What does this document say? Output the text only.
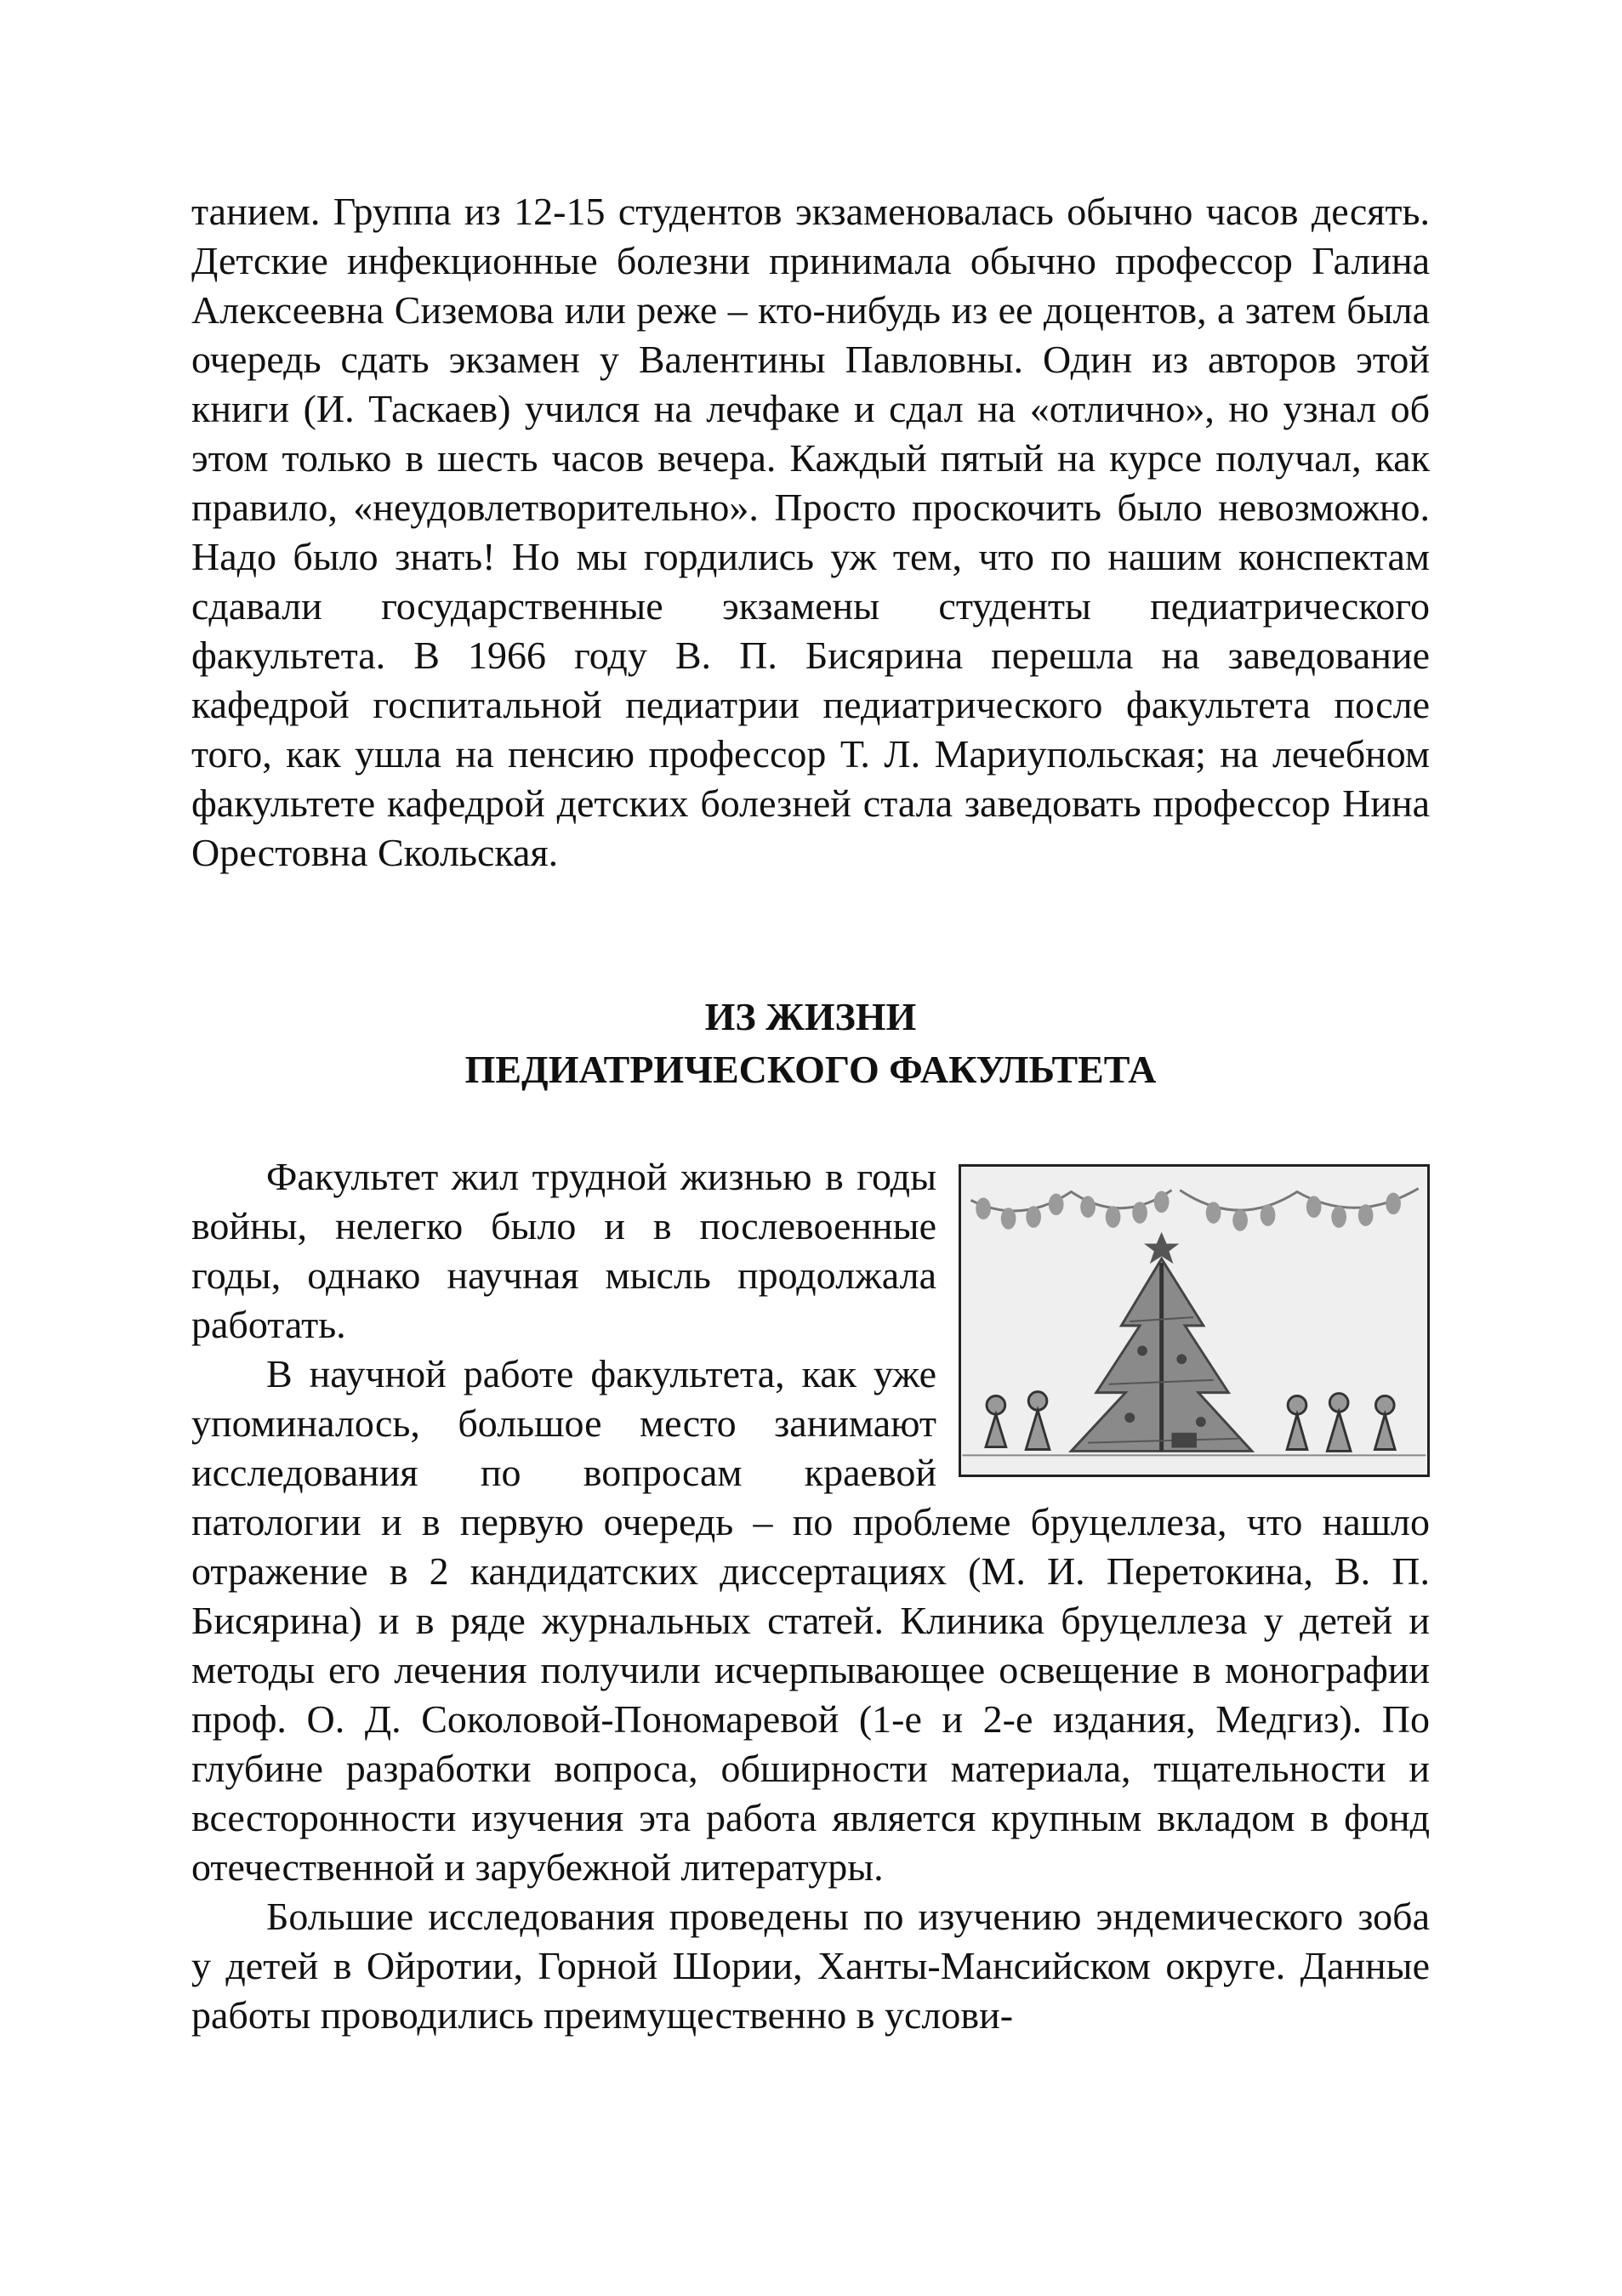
танием. Группа из 12-15 студентов экзаменовалась обычно часов десять. Детские инфекционные болезни принимала обычно профессор Галина Алексеевна Сиземова или реже – кто-нибудь из ее доцентов, а затем была очередь сдать экзамен у Валентины Павловны. Один из авторов этой книги (И. Таскаев) учился на лечфаке и сдал на «отлично», но узнал об этом только в шесть часов вечера. Каждый пятый на курсе получал, как правило, «неудовлетворительно». Просто проскочить было невозможно. Надо было знать! Но мы гордились уж тем, что по нашим конспектам сдавали государственные экзамены студенты педиатрического факультета. В 1966 году В. П. Бисярина перешла на заведование кафедрой госпитальной педиатрии педиатрического факультета после того, как ушла на пенсию профессор Т. Л. Мариупольская; на лечебном факультете кафедрой детских болезней стала заведовать профессор Нина Орестовна Скольская.

ИЗ ЖИЗНИ
ПЕДИАТРИЧЕСКОГО ФАКУЛЬТЕТА

Факультет жил трудной жизнью в годы войны, нелегко было и в послевоенные годы, однако научная мысль продолжала работать.

В научной работе факультета, как уже упоминалось, большое место занимают исследования по вопросам краевой патологии и в первую очередь – по проблеме бруцеллеза, что нашло отражение в 2 кандидатских диссертациях (М. И. Перетокина, В. П. Бисярина) и в ряде журнальных статей. Клиника бруцеллеза у детей и методы его лечения получили исчерпывающее освещение в монографии проф. О. Д. Соколовой-Пономаревой (1-е и 2-е издания, Медгиз). По глубине разработки вопроса, обширности материала, тщательности и всесторонности изучения эта работа является крупным вкладом в фонд отечественной и зарубежной литературы.

Большие исследования проведены по изучению эндемического зоба у детей в Ойротии, Горной Шории, Ханты-Мансийском округе. Данные работы проводились преимущественно в услови-
